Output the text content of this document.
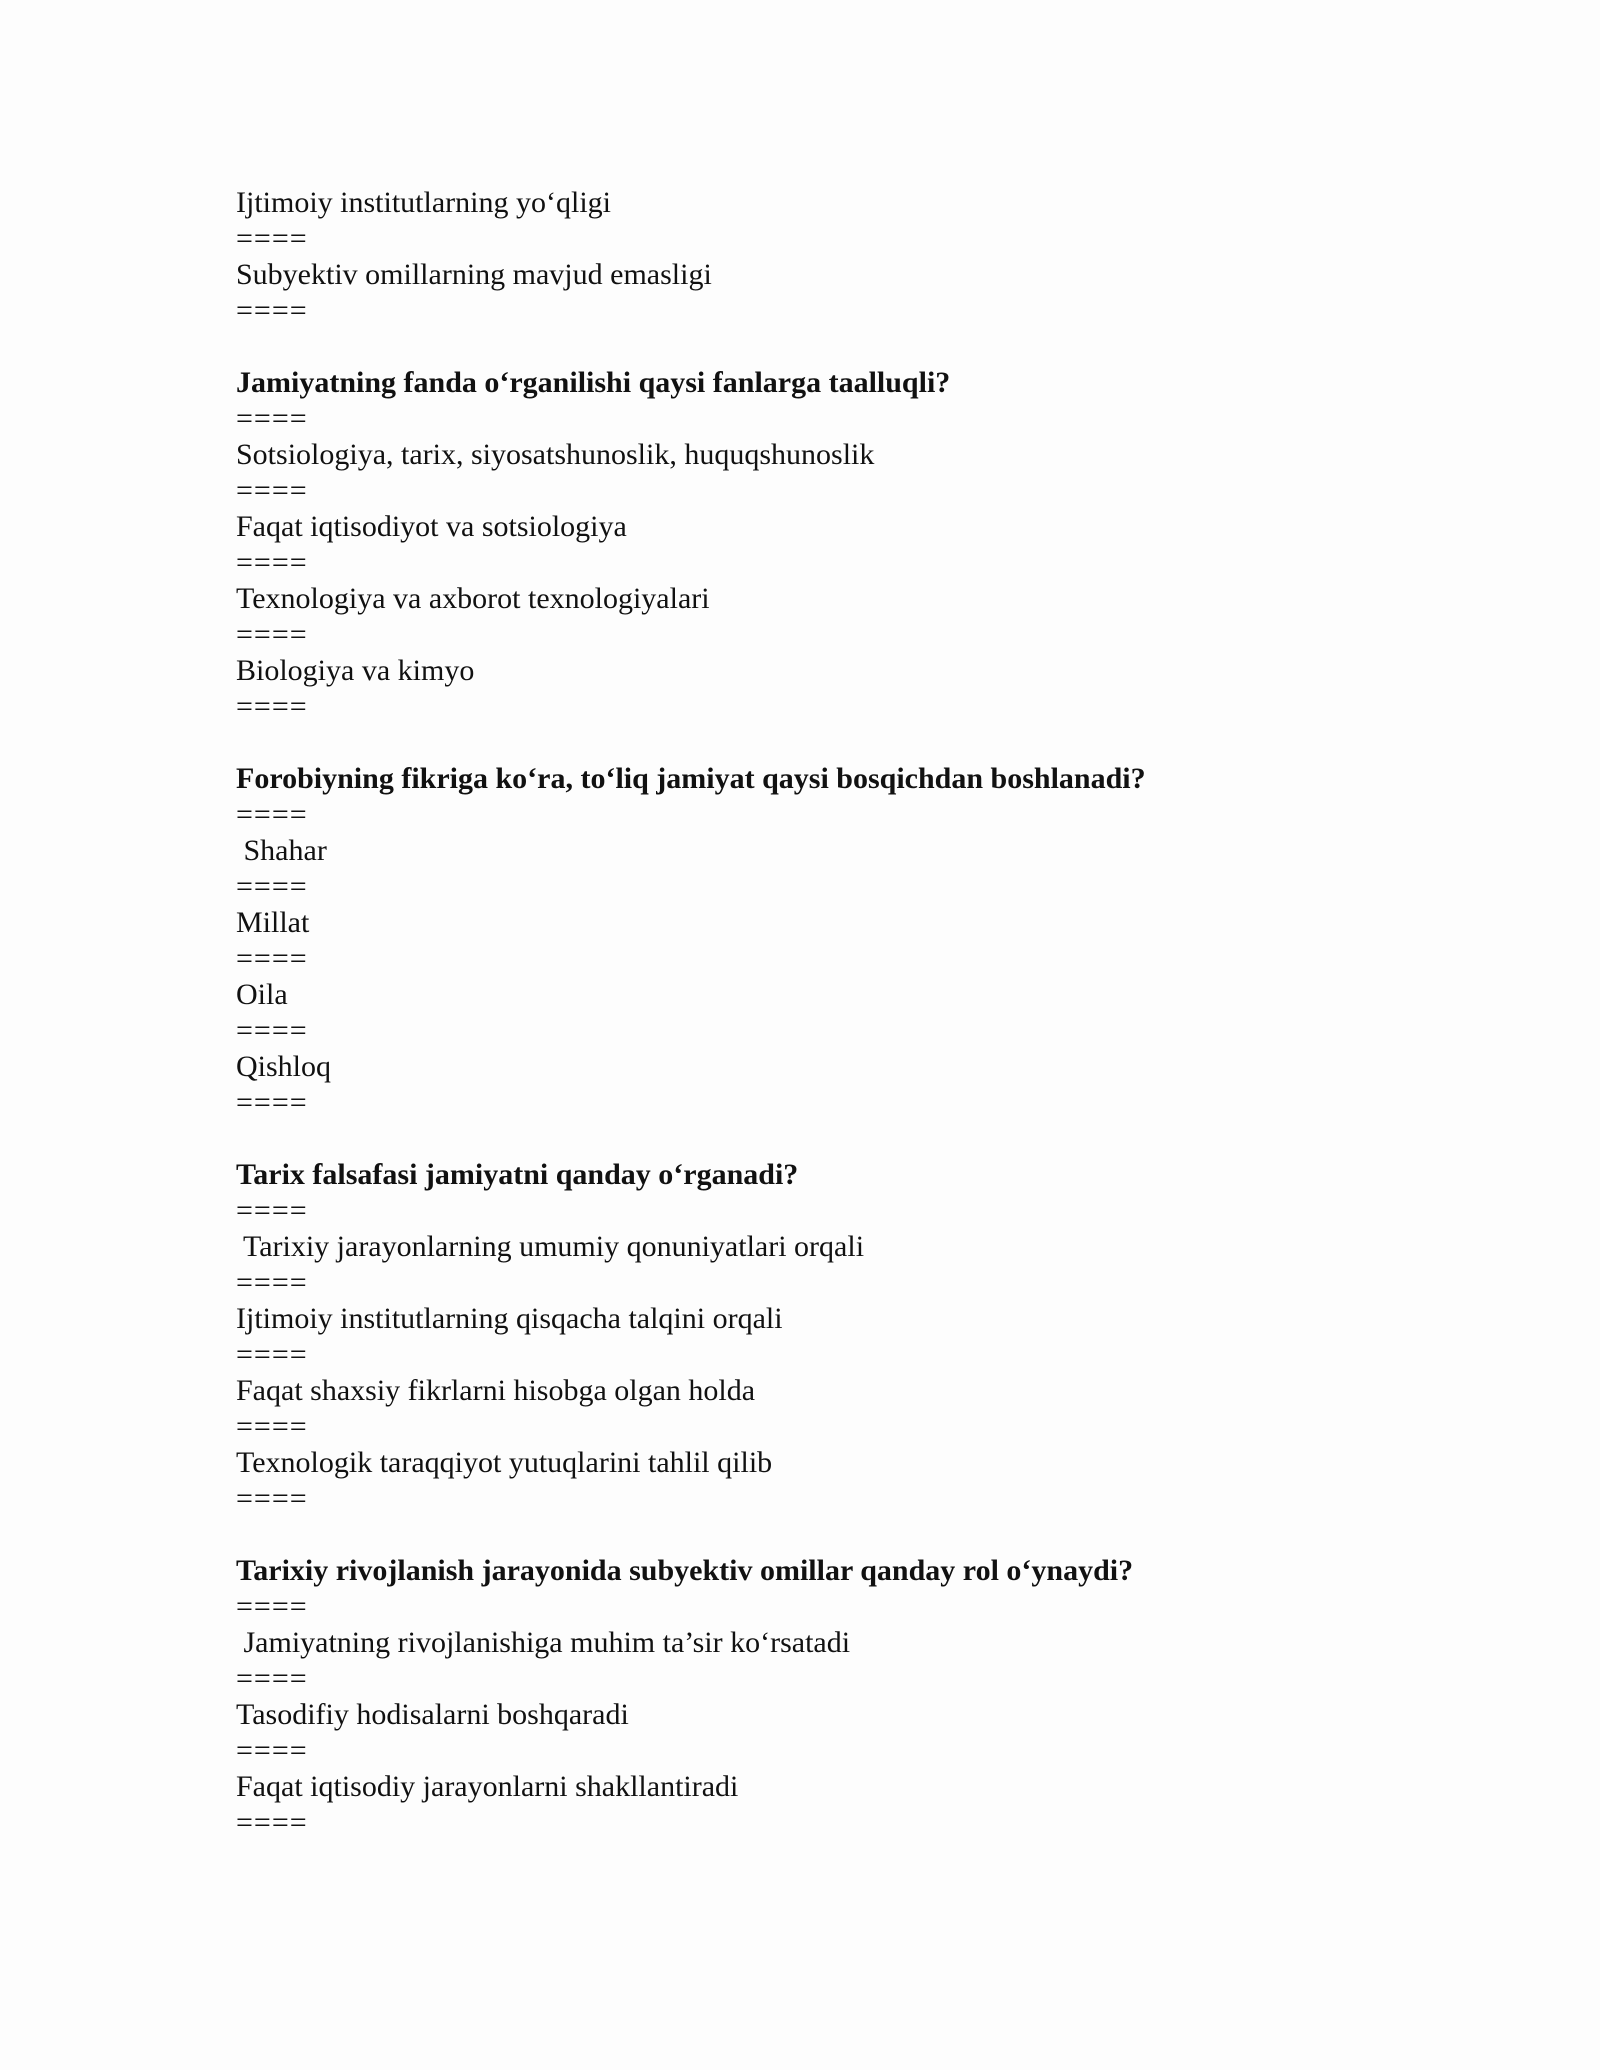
Ijtimoiy institutlarning yo‘qligi

====

Subyektiv omillarning mavjud emasligi

====

Jamiyatning fanda o‘rganilishi qaysi fanlarga taalluqli?

====

Sotsiologiya, tarix, siyosatshunoslik, huquqshunoslik

====

Faqat iqtisodiyot va sotsiologiya

====

Texnologiya va axborot texnologiyalari

====

Biologiya va kimyo

====

Forobiyning fikriga ko‘ra, to‘liq jamiyat qaysi bosqichdan boshlanadi?

====

Shahar

====

Millat

====

Oila

====

Qishloq

====

Tarix falsafasi jamiyatni qanday o‘rganadi?

====

Tarixiy jarayonlarning umumiy qonuniyatlari orqali

====

Ijtimoiy institutlarning qisqacha talqini orqali

====

Faqat shaxsiy fikrlarni hisobga olgan holda

====

Texnologik taraqqiyot yutuqlarini tahlil qilib

====

Tarixiy rivojlanish jarayonida subyektiv omillar qanday rol o‘ynaydi?

====

Jamiyatning rivojlanishiga muhim ta’sir ko‘rsatadi

====

Tasodifiy hodisalarni boshqaradi

====

Faqat iqtisodiy jarayonlarni shakllantiradi

====
